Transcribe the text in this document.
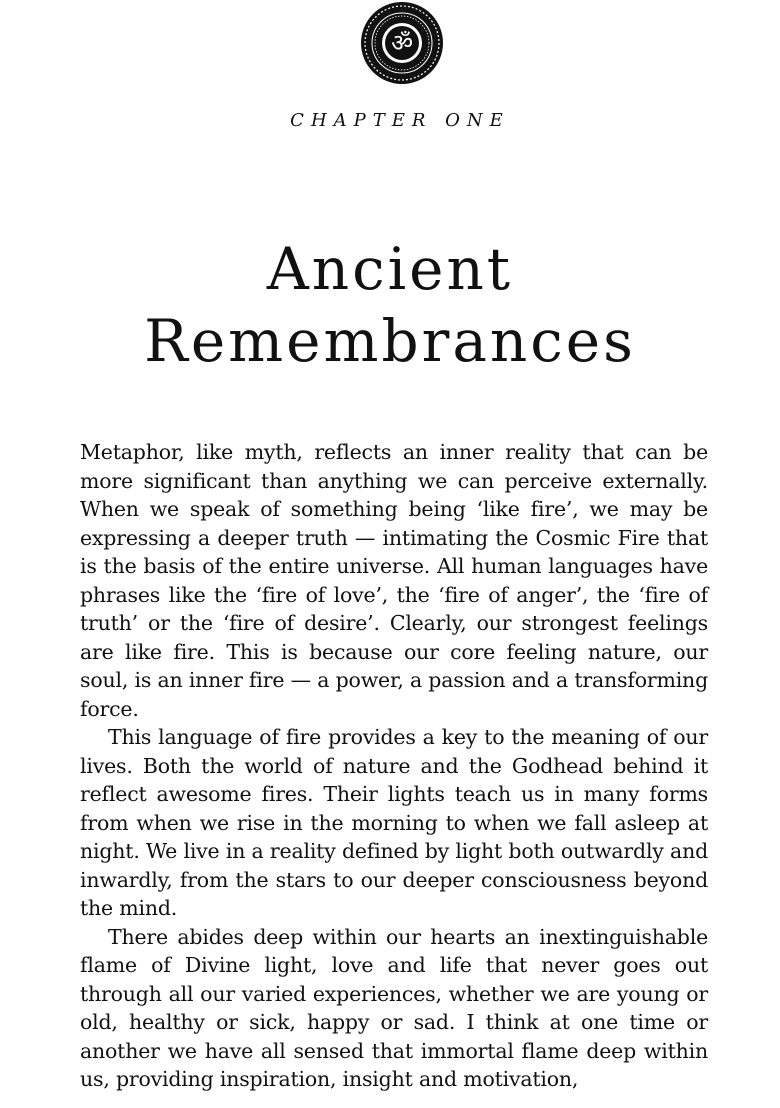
ॐ
CHAPTER ONE
Ancient
Remembrances

Metaphor, like myth, reflects an inner reality that can be more significant than anything we can perceive externally. When we speak of something being ‘like fire’, we may be expressing a deeper truth — intimating the Cosmic Fire that is the basis of the entire universe. All human languages have phrases like the ‘fire of love’, the ‘fire of anger’, the ‘fire of truth’ or the ‘fire of desire’. Clearly, our strongest feelings are like fire. This is because our core feeling nature, our soul, is an inner fire — a power, a passion and a transforming force.

This language of fire provides a key to the meaning of our lives. Both the world of nature and the Godhead behind it reflect awesome fires. Their lights teach us in many forms from when we rise in the morning to when we fall asleep at night. We live in a reality defined by light both outwardly and inwardly, from the stars to our deeper consciousness beyond the mind.

There abides deep within our hearts an inextinguishable flame of Divine light, love and life that never goes out through all our varied experiences, whether we are young or old, healthy or sick, happy or sad. I think at one time or another we have all sensed that immortal flame deep within us, providing inspiration, insight and motivation,
